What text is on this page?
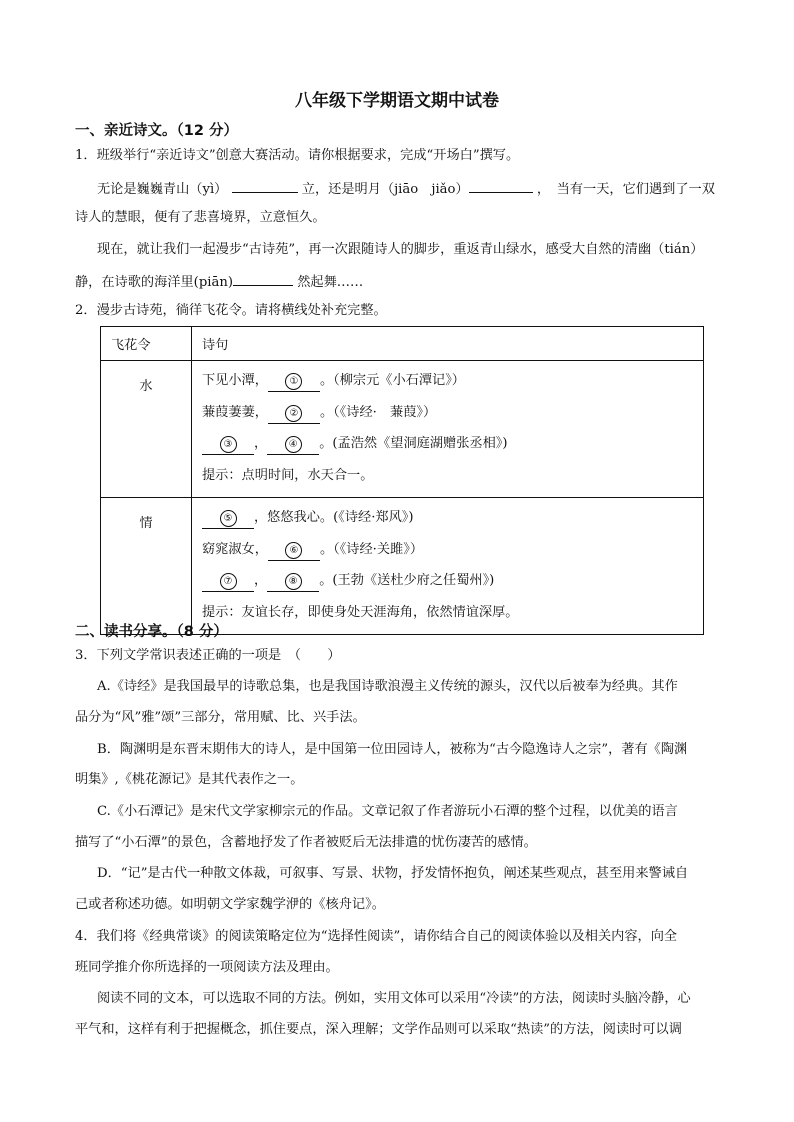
八年级下学期语文期中试卷
一、亲近诗文。（12 分）
1．班级举行“亲近诗文”创意大赛活动。请你根据要求，完成“开场白”撰写。
无论是巍巍青山（yì）	立，还是明月（jiāo　jiǎo）	，　当有一天，它们遇到了一双
诗人的慧眼，便有了悲喜境界，立意恒久。
现在，就让我们一起漫步“古诗苑”，再一次跟随诗人的脚步，重返青山绿水，感受大自然的清幽（tián）
静，在诗歌的海洋里(piān)	然起舞……
2．漫步古诗苑，徜徉飞花令。请将横线处补充完整。
飞花令	诗句
水	下见小潭， ① 。（柳宗元《小石潭记》）
蒹葭萋萋， ② 。（《诗经·　蒹葭》）
③ ， ④ 。(孟浩然《望洞庭湖赠张丞相》)
提示：点明时间，水天合一。

情	⑤ ，悠悠我心。(《诗经·郑风》)
窈窕淑女， ⑥ 。（《诗经·关雎》）
⑦ ， ⑧ 。(王勃《送杜少府之任蜀州》)
提示：友谊长存，即使身处天涯海角，依然情谊深厚。
二、读书分享。（8 分）
3．下列文学常识表述正确的一项是　（　　）
A.《诗经》是我国最早的诗歌总集，也是我国诗歌浪漫主义传统的源头，汉代以后被奉为经典。其作
品分为“风”雅”颂”三部分，常用赋、比、兴手法。
B．陶渊明是东晋末期伟大的诗人，是中国第一位田园诗人，被称为“古今隐逸诗人之宗”，著有《陶渊
明集》,《桃花源记》是其代表作之一。
C.《小石潭记》是宋代文学家柳宗元的作品。文章记叙了作者游玩小石潭的整个过程，以优美的语言
描写了“小石潭”的景色，含蓄地抒发了作者被贬后无法排遣的忧伤凄苦的感情。
D．“记”是古代一种散文体裁，可叙事、写景、状物，抒发情怀抱负，阐述某些观点，甚至用来警诫自
己或者称述功德。如明朝文学家魏学洢的《核舟记》。
4．我们将《经典常谈》的阅读策略定位为“选择性阅读”，请你结合自己的阅读体验以及相关内容，向全
班同学推介你所选择的一项阅读方法及理由。
阅读不同的文本，可以选取不同的方法。例如，实用文体可以采用“冷读”的方法，阅读时头脑冷静，心
平气和，这样有利于把握概念，抓住要点，深入理解；文学作品则可以采取“热读”的方法，阅读时可以调
